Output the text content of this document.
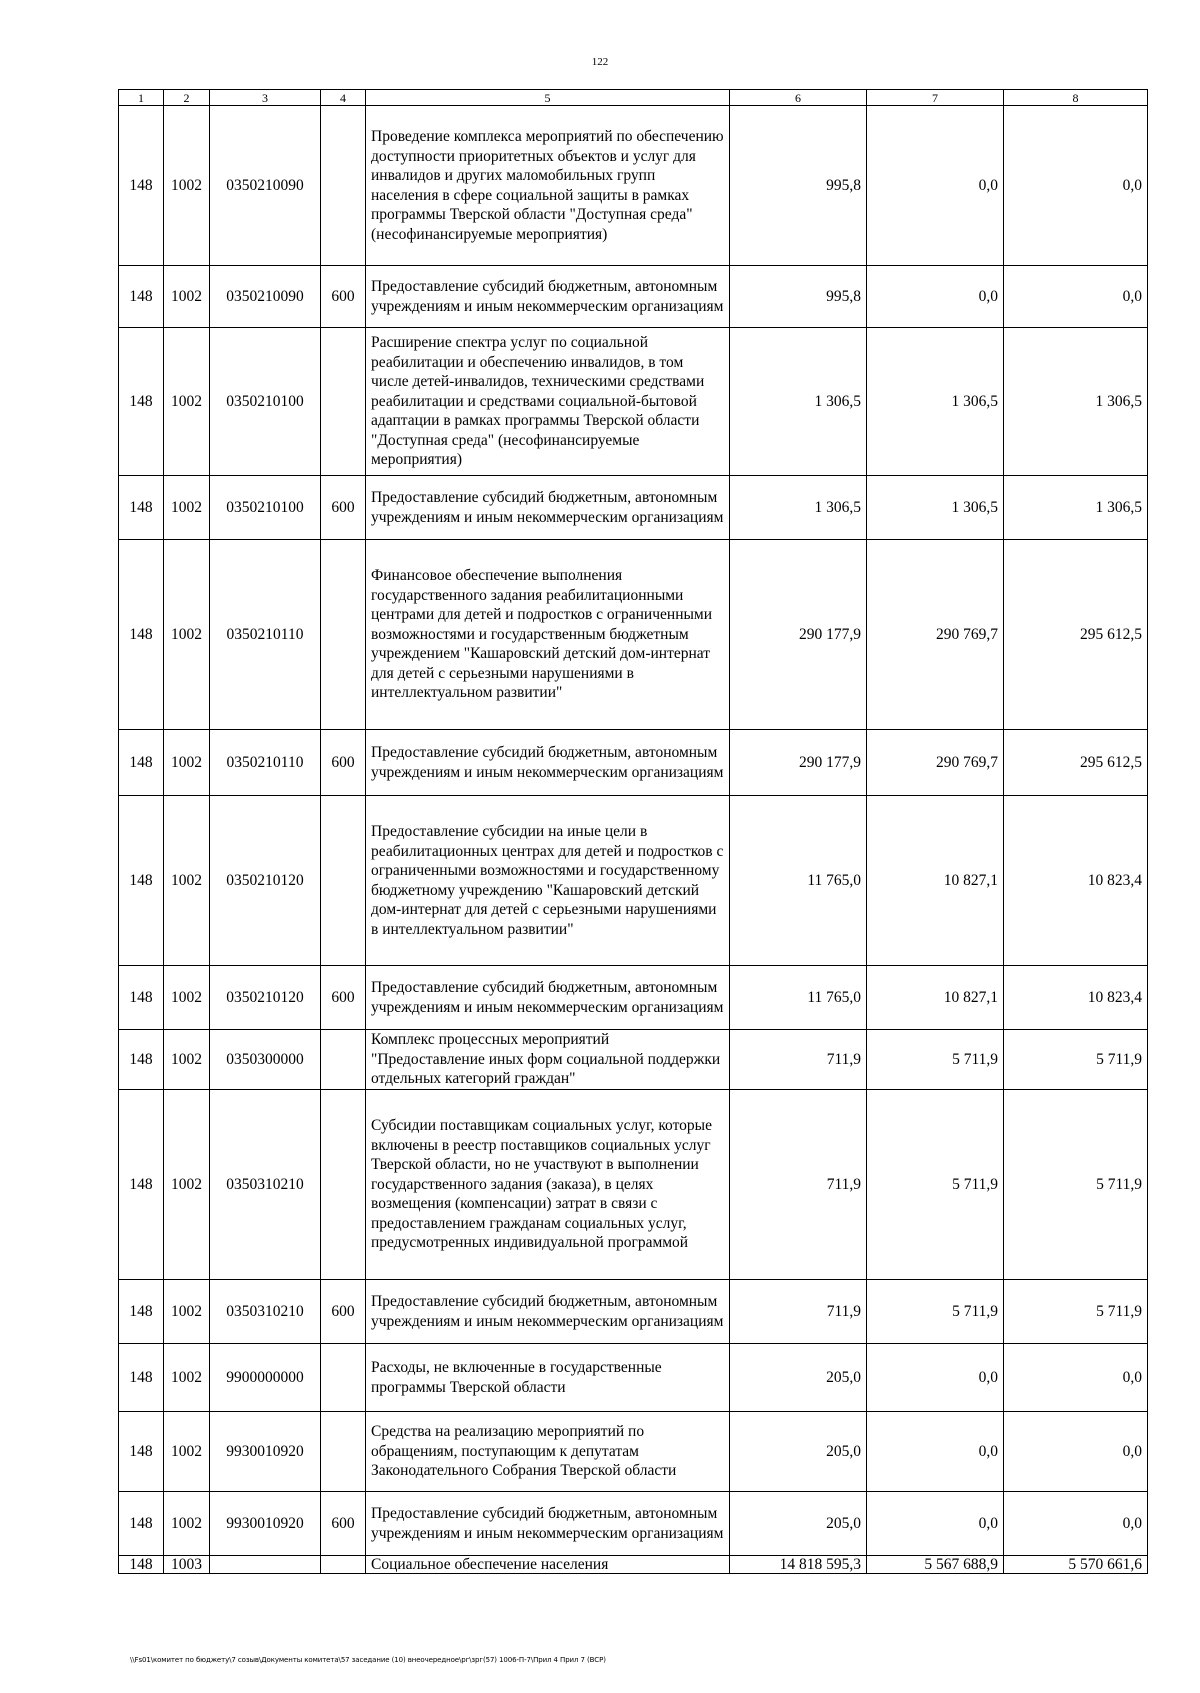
122
1	2	3	4	5	6	7	8
148	1002	0350210090		Проведение комплекса мероприятий по обеспечению доступности приоритетных объектов и услуг для инвалидов и других маломобильных групп населения в сфере социальной защиты в рамках программы Тверской области "Доступная среда" (несофинансируемые мероприятия)	995,8	0,0	0,0
148	1002	0350210090	600	Предоставление субсидий бюджетным, автономным учреждениям и иным некоммерческим организациям	995,8	0,0	0,0
148	1002	0350210100		Расширение спектра услуг по социальной реабилитации и обеспечению инвалидов, в том числе детей-инвалидов, техническими средствами реабилитации и средствами социальной-бытовой адаптации в рамках программы Тверской области "Доступная среда" (несофинансируемые мероприятия)	1 306,5	1 306,5	1 306,5
148	1002	0350210100	600	Предоставление субсидий бюджетным, автономным учреждениям и иным некоммерческим организациям	1 306,5	1 306,5	1 306,5
148	1002	0350210110		Финансовое обеспечение выполнения государственного задания реабилитационными центрами для детей и подростков с ограниченными возможностями и государственным бюджетным учреждением "Кашаровский детский дом-интернат для детей с серьезными нарушениями в интеллектуальном развитии"	290 177,9	290 769,7	295 612,5
148	1002	0350210110	600	Предоставление субсидий бюджетным, автономным учреждениям и иным некоммерческим организациям	290 177,9	290 769,7	295 612,5
148	1002	0350210120		Предоставление субсидии на иные цели в реабилитационных центрах для детей и подростков с ограниченными возможностями и государственному бюджетному учреждению "Кашаровский детский дом-интернат для детей с серьезными нарушениями в интеллектуальном развитии"	11 765,0	10 827,1	10 823,4
148	1002	0350210120	600	Предоставление субсидий бюджетным, автономным учреждениям и иным некоммерческим организациям	11 765,0	10 827,1	10 823,4
148	1002	0350300000		Комплекс процессных мероприятий "Предоставление иных форм социальной поддержки отдельных категорий граждан"	711,9	5 711,9	5 711,9
148	1002	0350310210		Субсидии поставщикам социальных услуг, которые включены в реестр поставщиков социальных услуг Тверской области, но не участвуют в выполнении государственного задания (заказа), в целях возмещения (компенсации) затрат в связи с предоставлением гражданам социальных услуг, предусмотренных индивидуальной программой	711,9	5 711,9	5 711,9
148	1002	0350310210	600	Предоставление субсидий бюджетным, автономным учреждениям и иным некоммерческим организациям	711,9	5 711,9	5 711,9
148	1002	9900000000		Расходы, не включенные в государственные программы Тверской области	205,0	0,0	0,0
148	1002	9930010920		Средства на реализацию мероприятий по обращениям, поступающим к депутатам Законодательного Собрания Тверской области	205,0	0,0	0,0
148	1002	9930010920	600	Предоставление субсидий бюджетным, автономным учреждениям и иным некоммерческим организациям	205,0	0,0	0,0
148	1003			Социальное обеспечение населения	14 818 595,3	5 567 688,9	5 570 661,6
\\Fs01\комитет по бюджету\7 созыв\Документы комитета\57 заседание (10) внеочередное\рг\зрг(57) 1006-П-7\Прил 4 Прил 7 (ВСР)
